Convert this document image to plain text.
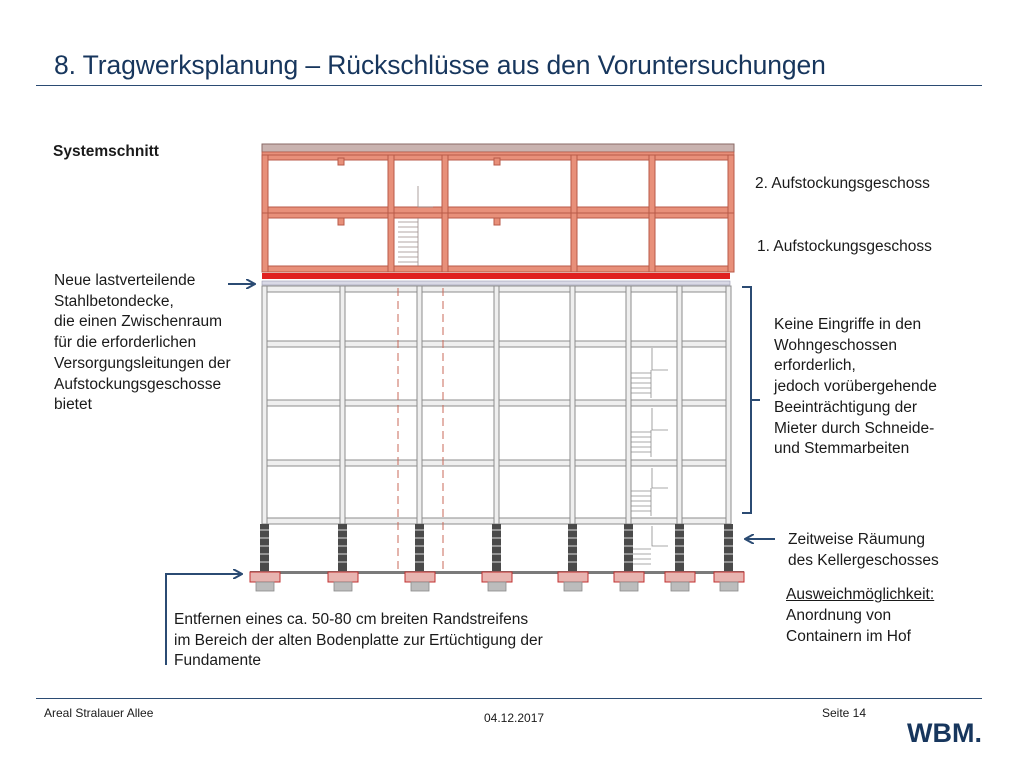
8. Tragwerksplanung – Rückschlüsse aus den Voruntersuchungen
Systemschnitt
2. Aufstockungsgeschoss
1. Aufstockungsgeschoss
Neue lastverteilende
Stahlbetondecke,
die einen Zwischenraum
für die erforderlichen
Versorgungsleitungen der
Aufstockungsgeschosse
bietet
Keine Eingriffe in den
Wohngeschossen
erforderlich,
jedoch vorübergehende
Beeinträchtigung der
Mieter durch Schneide-
und Stemmarbeiten
Zeitweise Räumung
des Kellergeschosses
Ausweichmöglichkeit:
Anordnung von
Containern im Hof
Entfernen eines ca. 50-80 cm breiten Randstreifens
im Bereich der alten Bodenplatte zur Ertüchtigung der
Fundamente
Areal Stralauer Allee	04.12.2017	Seite 14
WBM.
